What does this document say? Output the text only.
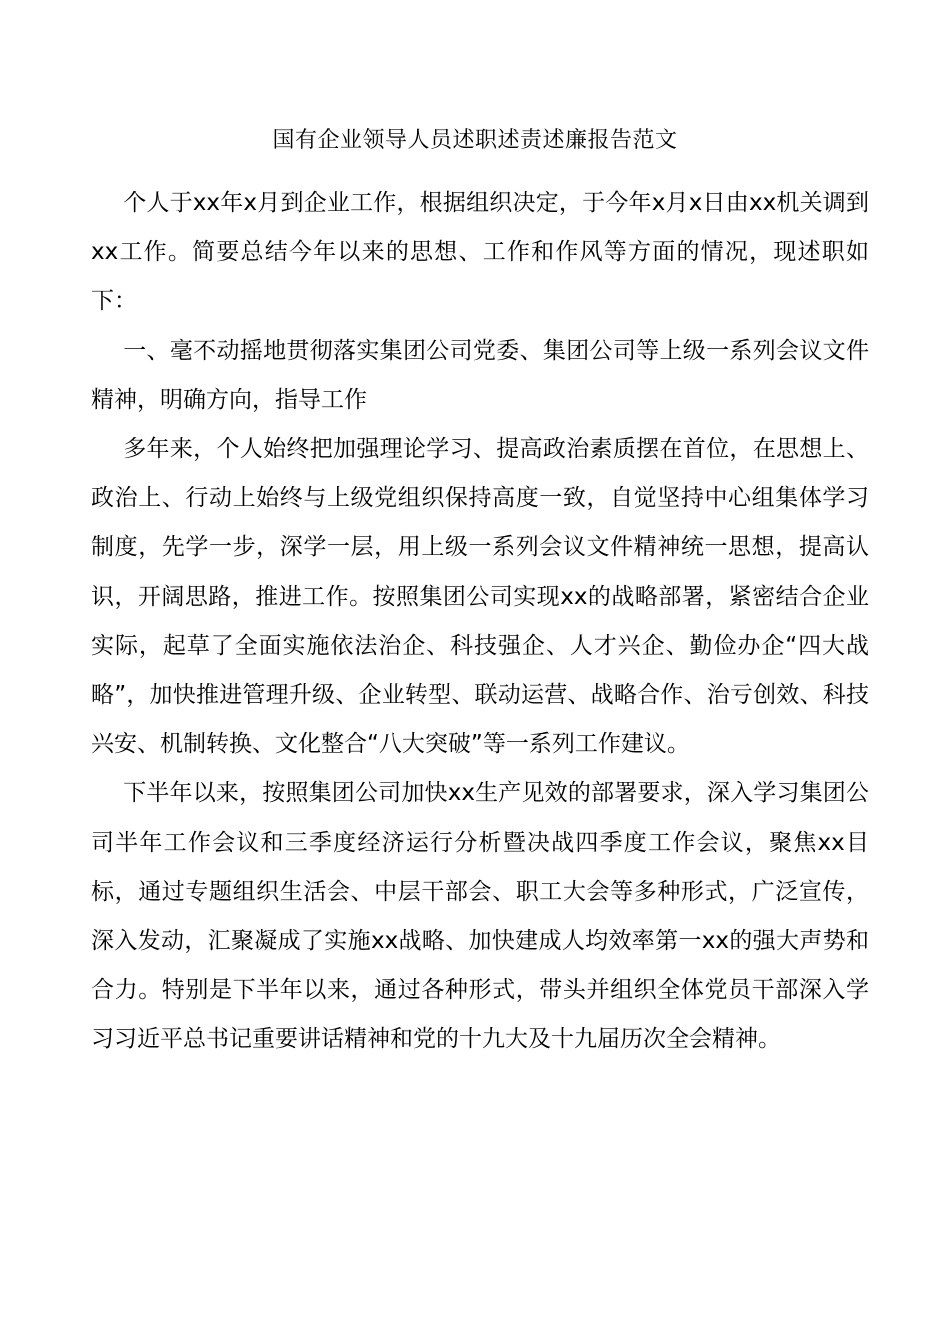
国有企业领导人员述职述责述廉报告范文

个人于xx年x月到企业工作，根据组织决定，于今年x月x日由xx机关调到xx工作。简要总结今年以来的思想、工作和作风等方面的情况，现述职如下：

一、毫不动摇地贯彻落实集团公司党委、集团公司等上级一系列会议文件精神，明确方向，指导工作

多年来，个人始终把加强理论学习、提高政治素质摆在首位，在思想上、政治上、行动上始终与上级党组织保持高度一致，自觉坚持中心组集体学习制度，先学一步，深学一层，用上级一系列会议文件精神统一思想，提高认识，开阔思路，推进工作。按照集团公司实现xx的战略部署，紧密结合企业实际，起草了全面实施依法治企、科技强企、人才兴企、勤俭办企“四大战略”，加快推进管理升级、企业转型、联动运营、战略合作、治亏创效、科技兴安、机制转换、文化整合“八大突破”等一系列工作建议。

下半年以来，按照集团公司加快xx生产见效的部署要求，深入学习集团公司半年工作会议和三季度经济运行分析暨决战四季度工作会议，聚焦xx目标，通过专题组织生活会、中层干部会、职工大会等多种形式，广泛宣传，深入发动，汇聚凝成了实施xx战略、加快建成人均效率第一xx的强大声势和合力。特别是下半年以来，通过各种形式，带头并组织全体党员干部深入学习习近平总书记重要讲话精神和党的十九大及十九届历次全会精神。
